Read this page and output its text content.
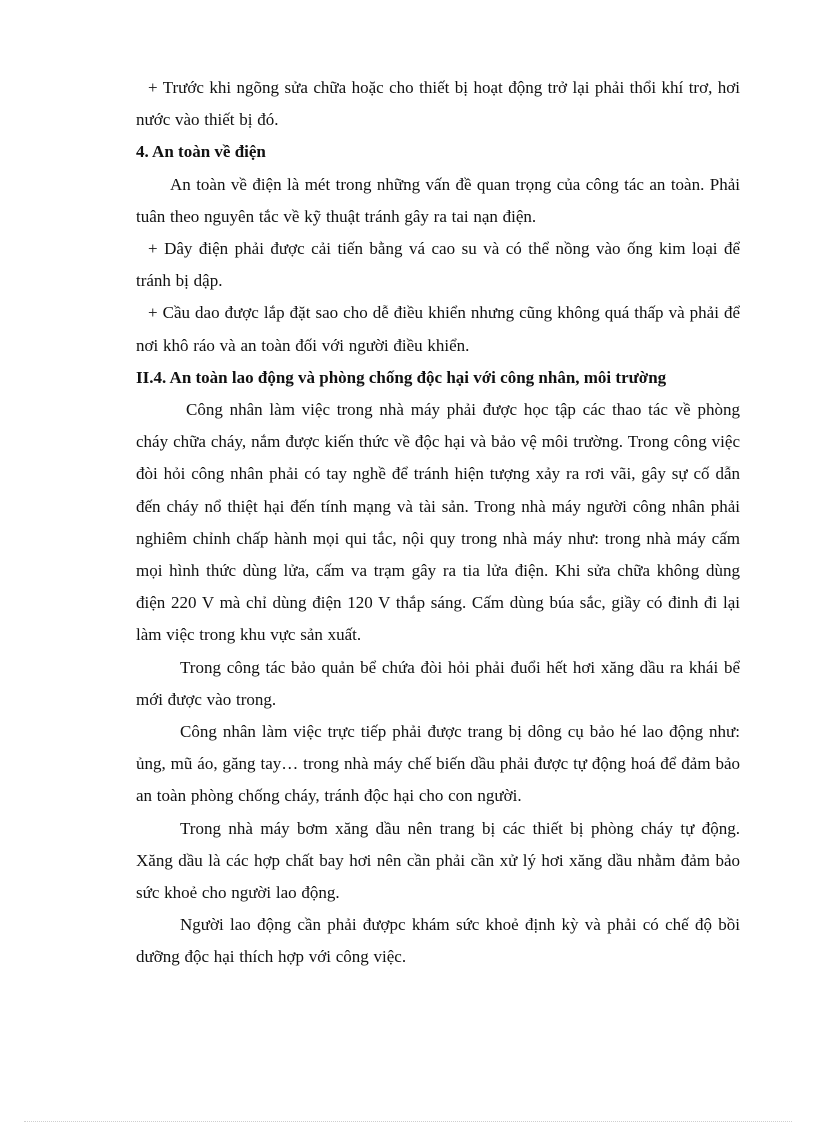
+ Trước khi ngõng sửa chữa hoặc cho thiết bị hoạt động trở lại phải thổi khí trơ, hơi nước vào thiết bị đó.

4. An toàn về điện

An toàn về điện là mét trong những vấn đề quan trọng của công tác an toàn. Phải tuân theo nguyên tắc về kỹ thuật tránh gây ra tai nạn điện.

+ Dây điện phải được cải tiến bằng vá cao su và có thể nồng vào ống kim loại để tránh bị dập.

+ Cầu dao được lắp đặt sao cho dễ điều khiển nhưng cũng không quá thấp và phải để nơi khô ráo và an toàn đối với người điều khiển.

II.4. An toàn lao động và phòng chống độc hại với công nhân, môi trường

Công nhân làm việc trong nhà máy phải được học tập các thao tác về phòng cháy chữa cháy, nắm được kiến thức về độc hại và bảo vệ môi trường. Trong công việc đòi hỏi công nhân phải có tay nghề để tránh hiện tượng xảy ra rơi vãi, gây sự cố dẫn đến cháy nổ thiệt hại đến tính mạng và tài sản. Trong nhà máy người công nhân phải nghiêm chỉnh chấp hành mọi qui tắc, nội quy trong nhà máy như: trong nhà máy cấm mọi hình thức dùng lửa, cấm va trạm gây ra tia lửa điện. Khi sửa chữa không dùng điện 220 V mà chỉ dùng điện 120 V thắp sáng. Cấm dùng búa sắc, giầy có đinh đi lại làm việc trong khu vực sản xuất.

Trong công tác bảo quản bể chứa đòi hỏi phải đuổi hết hơi xăng dầu ra khái bể mới được vào trong.

Công nhân làm việc trực tiếp phải được trang bị dông cụ bảo hé lao động như: ủng, mũ áo, găng tay… trong nhà máy chế biến dầu phải được tự động hoá để đảm bảo an toàn phòng chống cháy, tránh độc hại cho con người.

Trong nhà máy bơm xăng dầu nên trang bị các thiết bị phòng cháy tự động. Xăng dầu là các hợp chất bay hơi nên cần phải cần xử lý hơi xăng dầu nhằm đảm bảo sức khoẻ cho người lao động.

Người lao động cần phải đượpc khám sức khoẻ định kỳ và phải có chế độ bồi dưỡng độc hại thích hợp với công việc.
